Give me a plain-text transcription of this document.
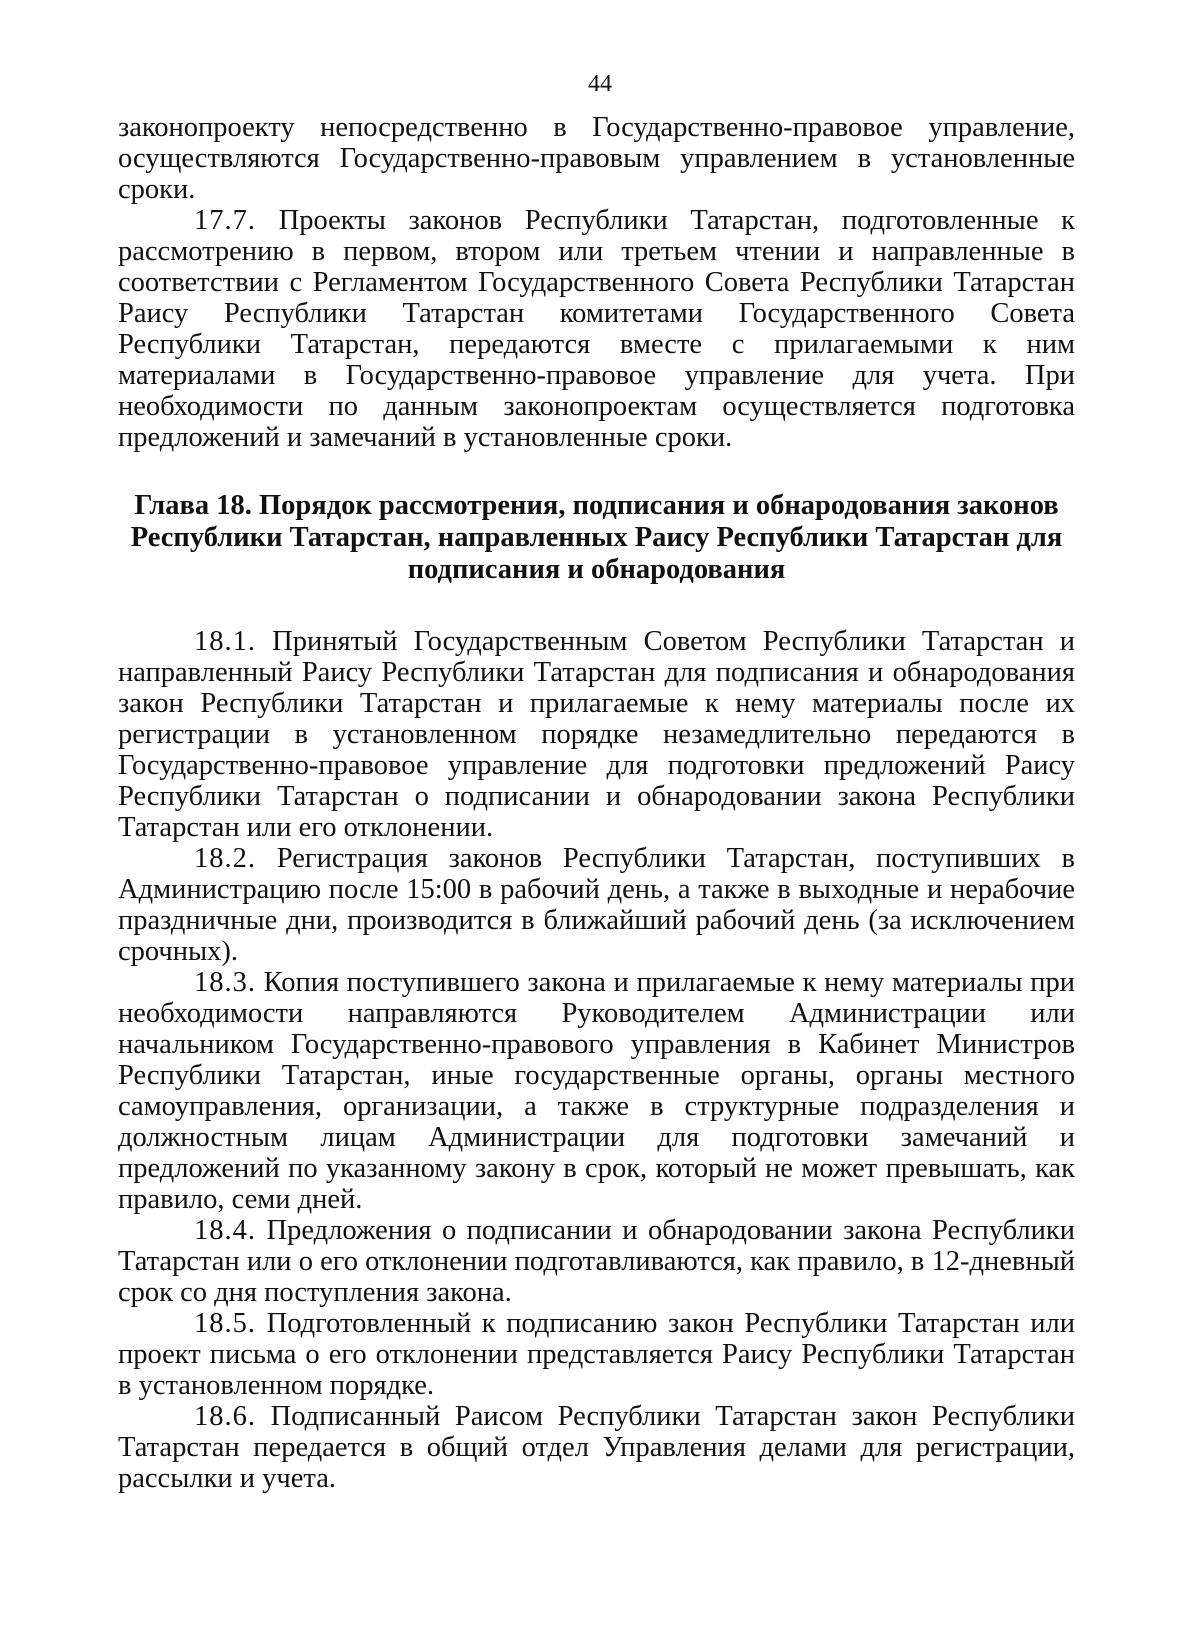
44

законопроекту непосредственно в Государственно-правовое управление, осуществляются Государственно-правовым управлением в установленные сроки.

17.7. Проекты законов Республики Татарстан, подготовленные к рассмотрению в первом, втором или третьем чтении и направленные в соответствии с Регламентом Государственного Совета Республики Татарстан Раису Республики Татарстан комитетами Государственного Совета Республики Татарстан, передаются вместе с прилагаемыми к ним материалами в Государственно-правовое управление для учета. При необходимости по данным законопроектам осуществляется подготовка предложений и замечаний в установленные сроки.

Глава 18. Порядок рассмотрения, подписания и обнародования законов Республики Татарстан, направленных Раису Республики Татарстан для подписания и обнародования

18.1. Принятый Государственным Советом Республики Татарстан и направленный Раису Республики Татарстан для подписания и обнародования закон Республики Татарстан и прилагаемые к нему материалы после их регистрации в установленном порядке незамедлительно передаются в Государственно-правовое управление для подготовки предложений Раису Республики Татарстан о подписании и обнародовании закона Республики Татарстан или его отклонении.

18.2. Регистрация законов Республики Татарстан, поступивших в Администрацию после 15:00 в рабочий день, а также в выходные и нерабочие праздничные дни, производится в ближайший рабочий день (за исключением срочных).

18.3. Копия поступившего закона и прилагаемые к нему материалы при необходимости направляются Руководителем Администрации или начальником Государственно-правового управления в Кабинет Министров Республики Татарстан, иные государственные органы, органы местного самоуправления, организации, а также в структурные подразделения и должностным лицам Администрации для подготовки замечаний и предложений по указанному закону в срок, который не может превышать, как правило, семи дней.

18.4. Предложения о подписании и обнародовании закона Республики Татарстан или о его отклонении подготавливаются, как правило, в 12-дневный срок со дня поступления закона.

18.5. Подготовленный к подписанию закон Республики Татарстан или проект письма о его отклонении представляется Раису Республики Татарстан в установленном порядке.

18.6. Подписанный Раисом Республики Татарстан закон Республики Татарстан передается в общий отдел Управления делами для регистрации, рассылки и учета.
